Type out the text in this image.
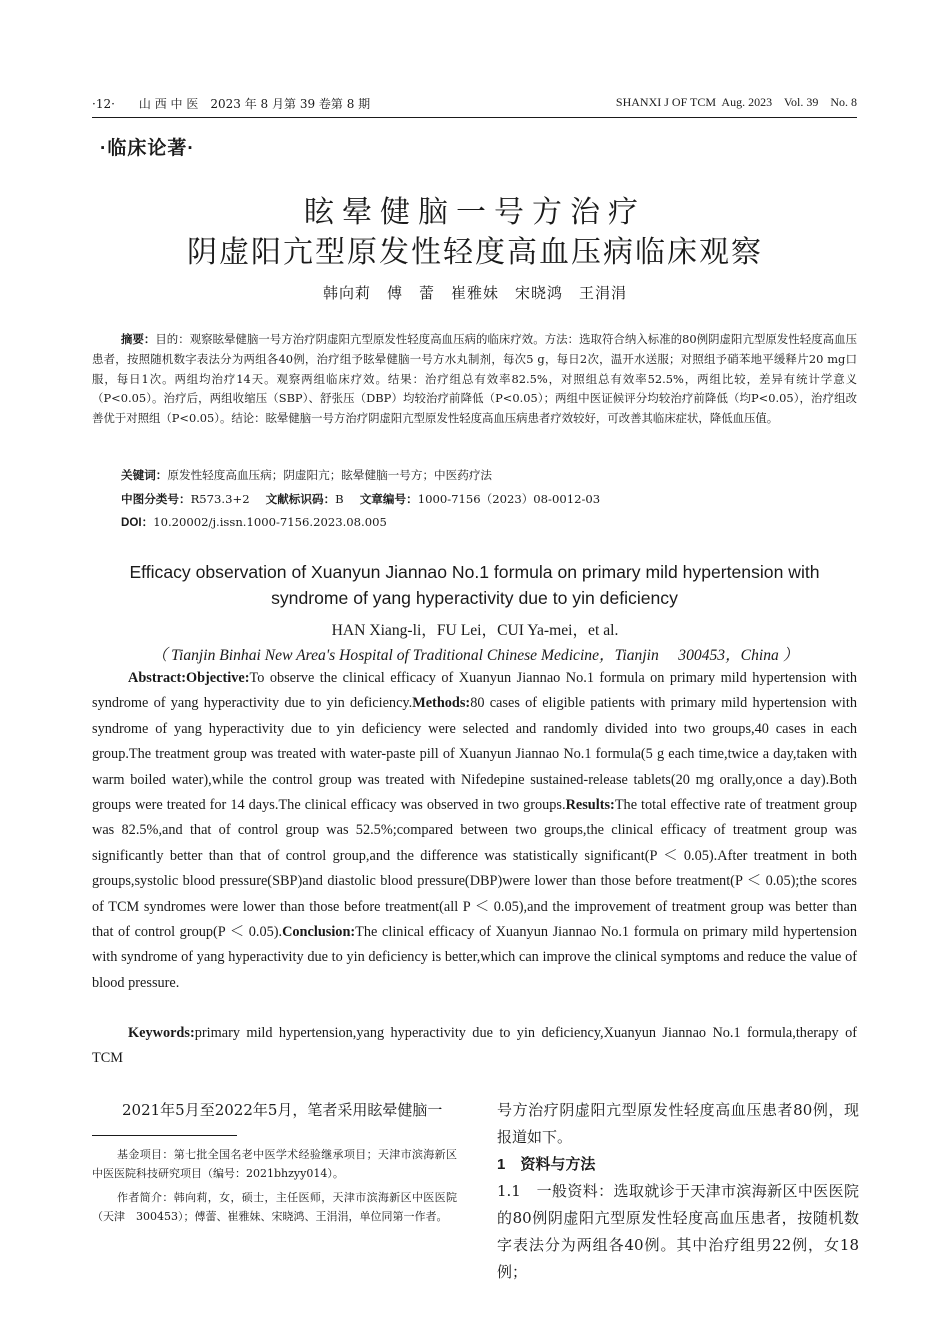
·12·　　 山 西 中 医　 2023 年 8 月第 39 卷第 8 期	SHANXI J OF TCM Aug. 2023 Vol. 39 No. 8
·临床论著·
眩晕健脑一号方治疗
阴虚阳亢型原发性轻度高血压病临床观察
韩向莉　傅　蕾　崔雅妹　宋晓鸿　王涓涓
摘要：目的：观察眩晕健脑一号方治疗阴虚阳亢型原发性轻度高血压病的临床疗效。方法：选取符合纳入标准的80例阴虚阳亢型原发性轻度高血压患者，按照随机数字表法分为两组各40例，治疗组予眩晕健脑一号方水丸制剂，每次5 g，每日2次，温开水送服；对照组予硝苯地平缓释片20 mg口服，每日1次。两组均治疗14天。观察两组临床疗效。结果：治疗组总有效率82.5%，对照组总有效率52.5%，两组比较，差异有统计学意义（P<0.05）。治疗后，两组收缩压（SBP）、舒张压（DBP）均较治疗前降低（P<0.05）；两组中医证候评分均较治疗前降低（均P<0.05），治疗组改善优于对照组（P<0.05）。结论：眩晕健脑一号方治疗阴虚阳亢型原发性轻度高血压病患者疗效较好，可改善其临床症状，降低血压值。
关键词：原发性轻度高血压病；阴虚阳亢；眩晕健脑一号方；中医药疗法
中图分类号：R573.3+2 文献标识码：B 文章编号：1000-7156（2023）08-0012-03
DOI：10.20002/j.issn.1000-7156.2023.08.005
Efficacy observation of Xuanyun Jiannao No.1 formula on primary mild hypertension with
syndrome of yang hyperactivity due to yin deficiency
HAN Xiang-li，FU Lei，CUI Ya-mei，et al.
（ Tianjin Binhai New Area's Hospital of Traditional Chinese Medicine，Tianjin　 300453，China ）
Abstract:Objective:To observe the clinical efficacy of Xuanyun Jiannao No.1 formula on primary mild hypertension with syndrome of yang hyperactivity due to yin deficiency.Methods:80 cases of eligible patients with primary mild hypertension with syndrome of yang hyperactivity due to yin deficiency were selected and randomly divided into two groups,40 cases in each group.The treatment group was treated with water-paste pill of Xuanyun Jiannao No.1 formula(5 g each time,twice a day,taken with warm boiled water),while the control group was treated with Nifedepine sustained-release tablets(20 mg orally,once a day).Both groups were treated for 14 days.The clinical efficacy was observed in two groups.Results:The total effective rate of treatment group was 82.5%,and that of control group was 52.5%;compared between two groups,the clinical efficacy of treatment group was significantly better than that of control group,and the difference was statistically significant(P ＜ 0.05).After treatment in both groups,systolic blood pressure(SBP)and diastolic blood pressure(DBP)were lower than those before treatment(P ＜ 0.05);the scores of TCM syndromes were lower than those before treatment(all P ＜ 0.05),and the improvement of treatment group was better than that of control group(P ＜ 0.05).Conclusion:The clinical efficacy of Xuanyun Jiannao No.1 formula on primary mild hypertension with syndrome of yang hyperactivity due to yin deficiency is better,which can improve the clinical symptoms and reduce the value of blood pressure.
Keywords:primary mild hypertension,yang hyperactivity due to yin deficiency,Xuanyun Jiannao No.1 formula,therapy of TCM

2021年5月至2022年5月，笔者采用眩晕健脑一

基金项目：第七批全国名老中医学术经验继承项目；天津市滨海新区中医医院科技研究项目（编号：2021bhzyy014）。

作者简介：韩向莉，女，硕士，主任医师，天津市滨海新区中医医院（天津　300453）；傅蕾、崔雅妹、宋晓鸿、王涓涓，单位同第一作者。

号方治疗阴虚阳亢型原发性轻度高血压患者80例，现报道如下。

1　资料与方法

1.1　 一般资料：选取就诊于天津市滨海新区中医医院的80例阴虚阳亢型原发性轻度高血压患者，按随机数字表法分为两组各40例。其中治疗组男22例，女18例；
